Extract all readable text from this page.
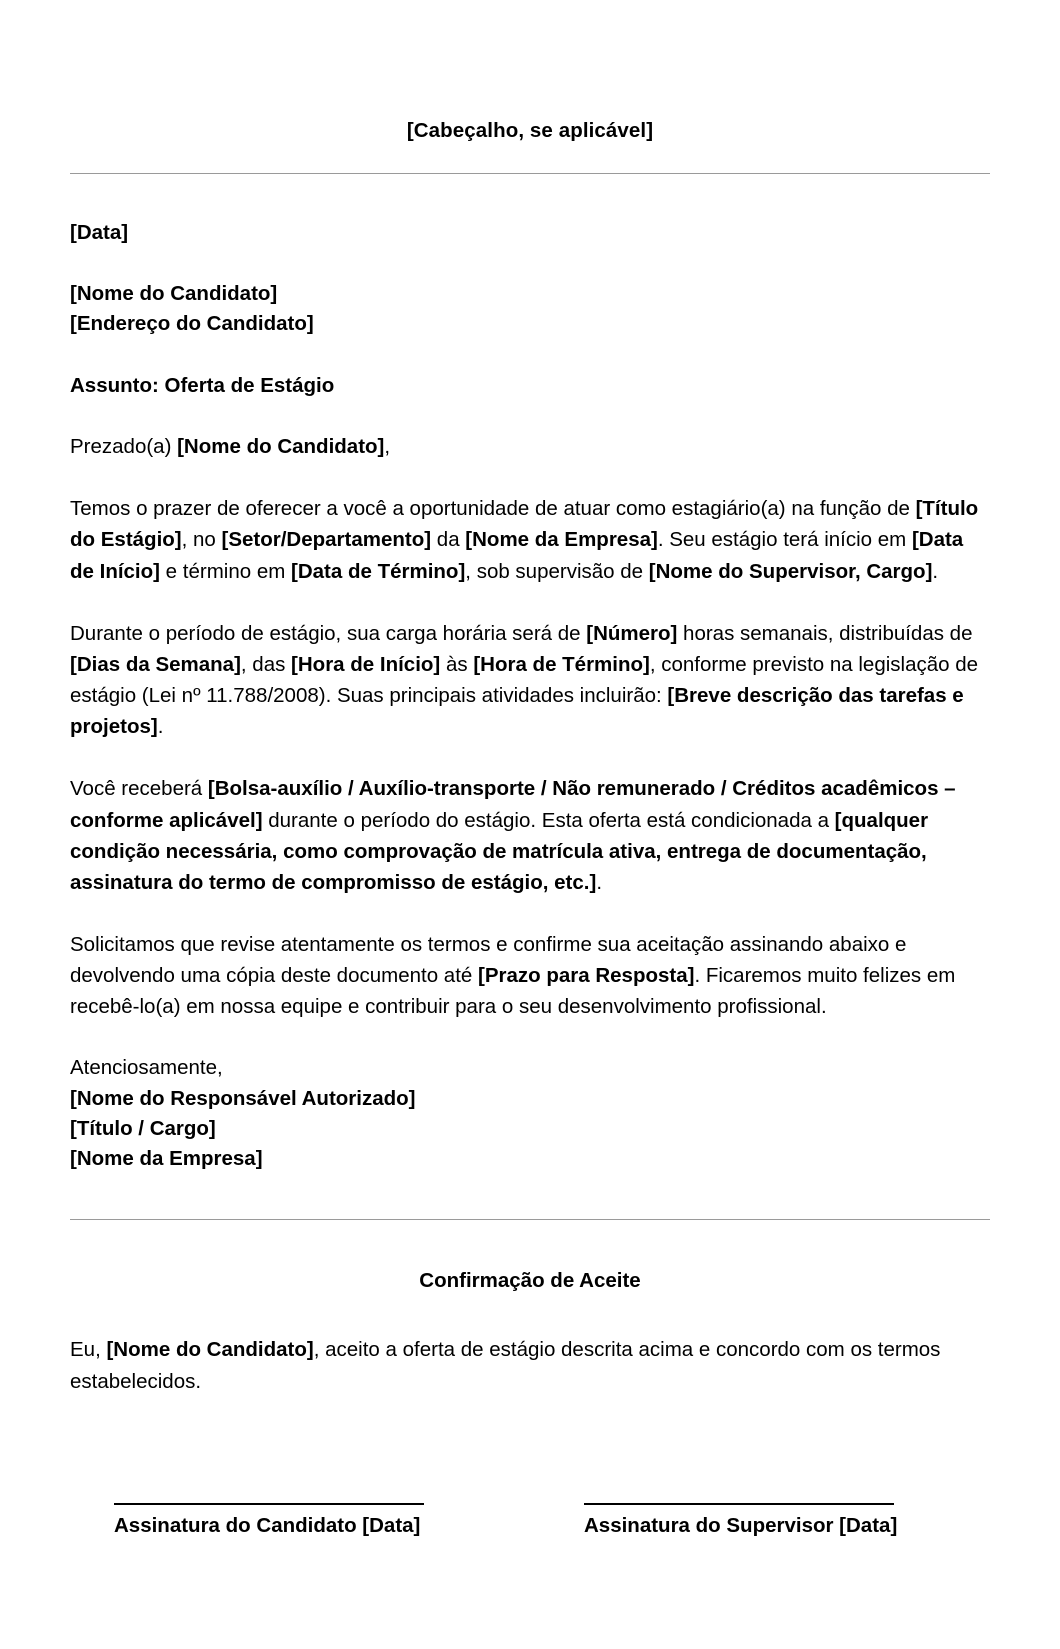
[Cabeçalho, se aplicável]
[Data]
[Nome do Candidato]
[Endereço do Candidato]
Assunto: Oferta de Estágio
Prezado(a) [Nome do Candidato],

Temos o prazer de oferecer a você a oportunidade de atuar como estagiário(a) na função de [Título do Estágio], no [Setor/Departamento] da [Nome da Empresa]. Seu estágio terá início em [Data de Início] e término em [Data de Término], sob supervisão de [Nome do Supervisor, Cargo].

Durante o período de estágio, sua carga horária será de [Número] horas semanais, distribuídas de [Dias da Semana], das [Hora de Início] às [Hora de Término], conforme previsto na legislação de estágio (Lei nº 11.788/2008). Suas principais atividades incluirão: [Breve descrição das tarefas e projetos].

Você receberá [Bolsa-auxílio / Auxílio-transporte / Não remunerado / Créditos acadêmicos – conforme aplicável] durante o período do estágio. Esta oferta está condicionada a [qualquer condição necessária, como comprovação de matrícula ativa, entrega de documentação, assinatura do termo de compromisso de estágio, etc.].

Solicitamos que revise atentamente os termos e confirme sua aceitação assinando abaixo e devolvendo uma cópia deste documento até [Prazo para Resposta]. Ficaremos muito felizes em recebê-lo(a) em nossa equipe e contribuir para o seu desenvolvimento profissional.

Atenciosamente,
[Nome do Responsável Autorizado]
[Título / Cargo]
[Nome da Empresa]
Confirmação de Aceite

Eu, [Nome do Candidato], aceito a oferta de estágio descrita acima e concordo com os termos estabelecidos.

Assinatura do Candidato [Data]	Assinatura do Supervisor [Data]
